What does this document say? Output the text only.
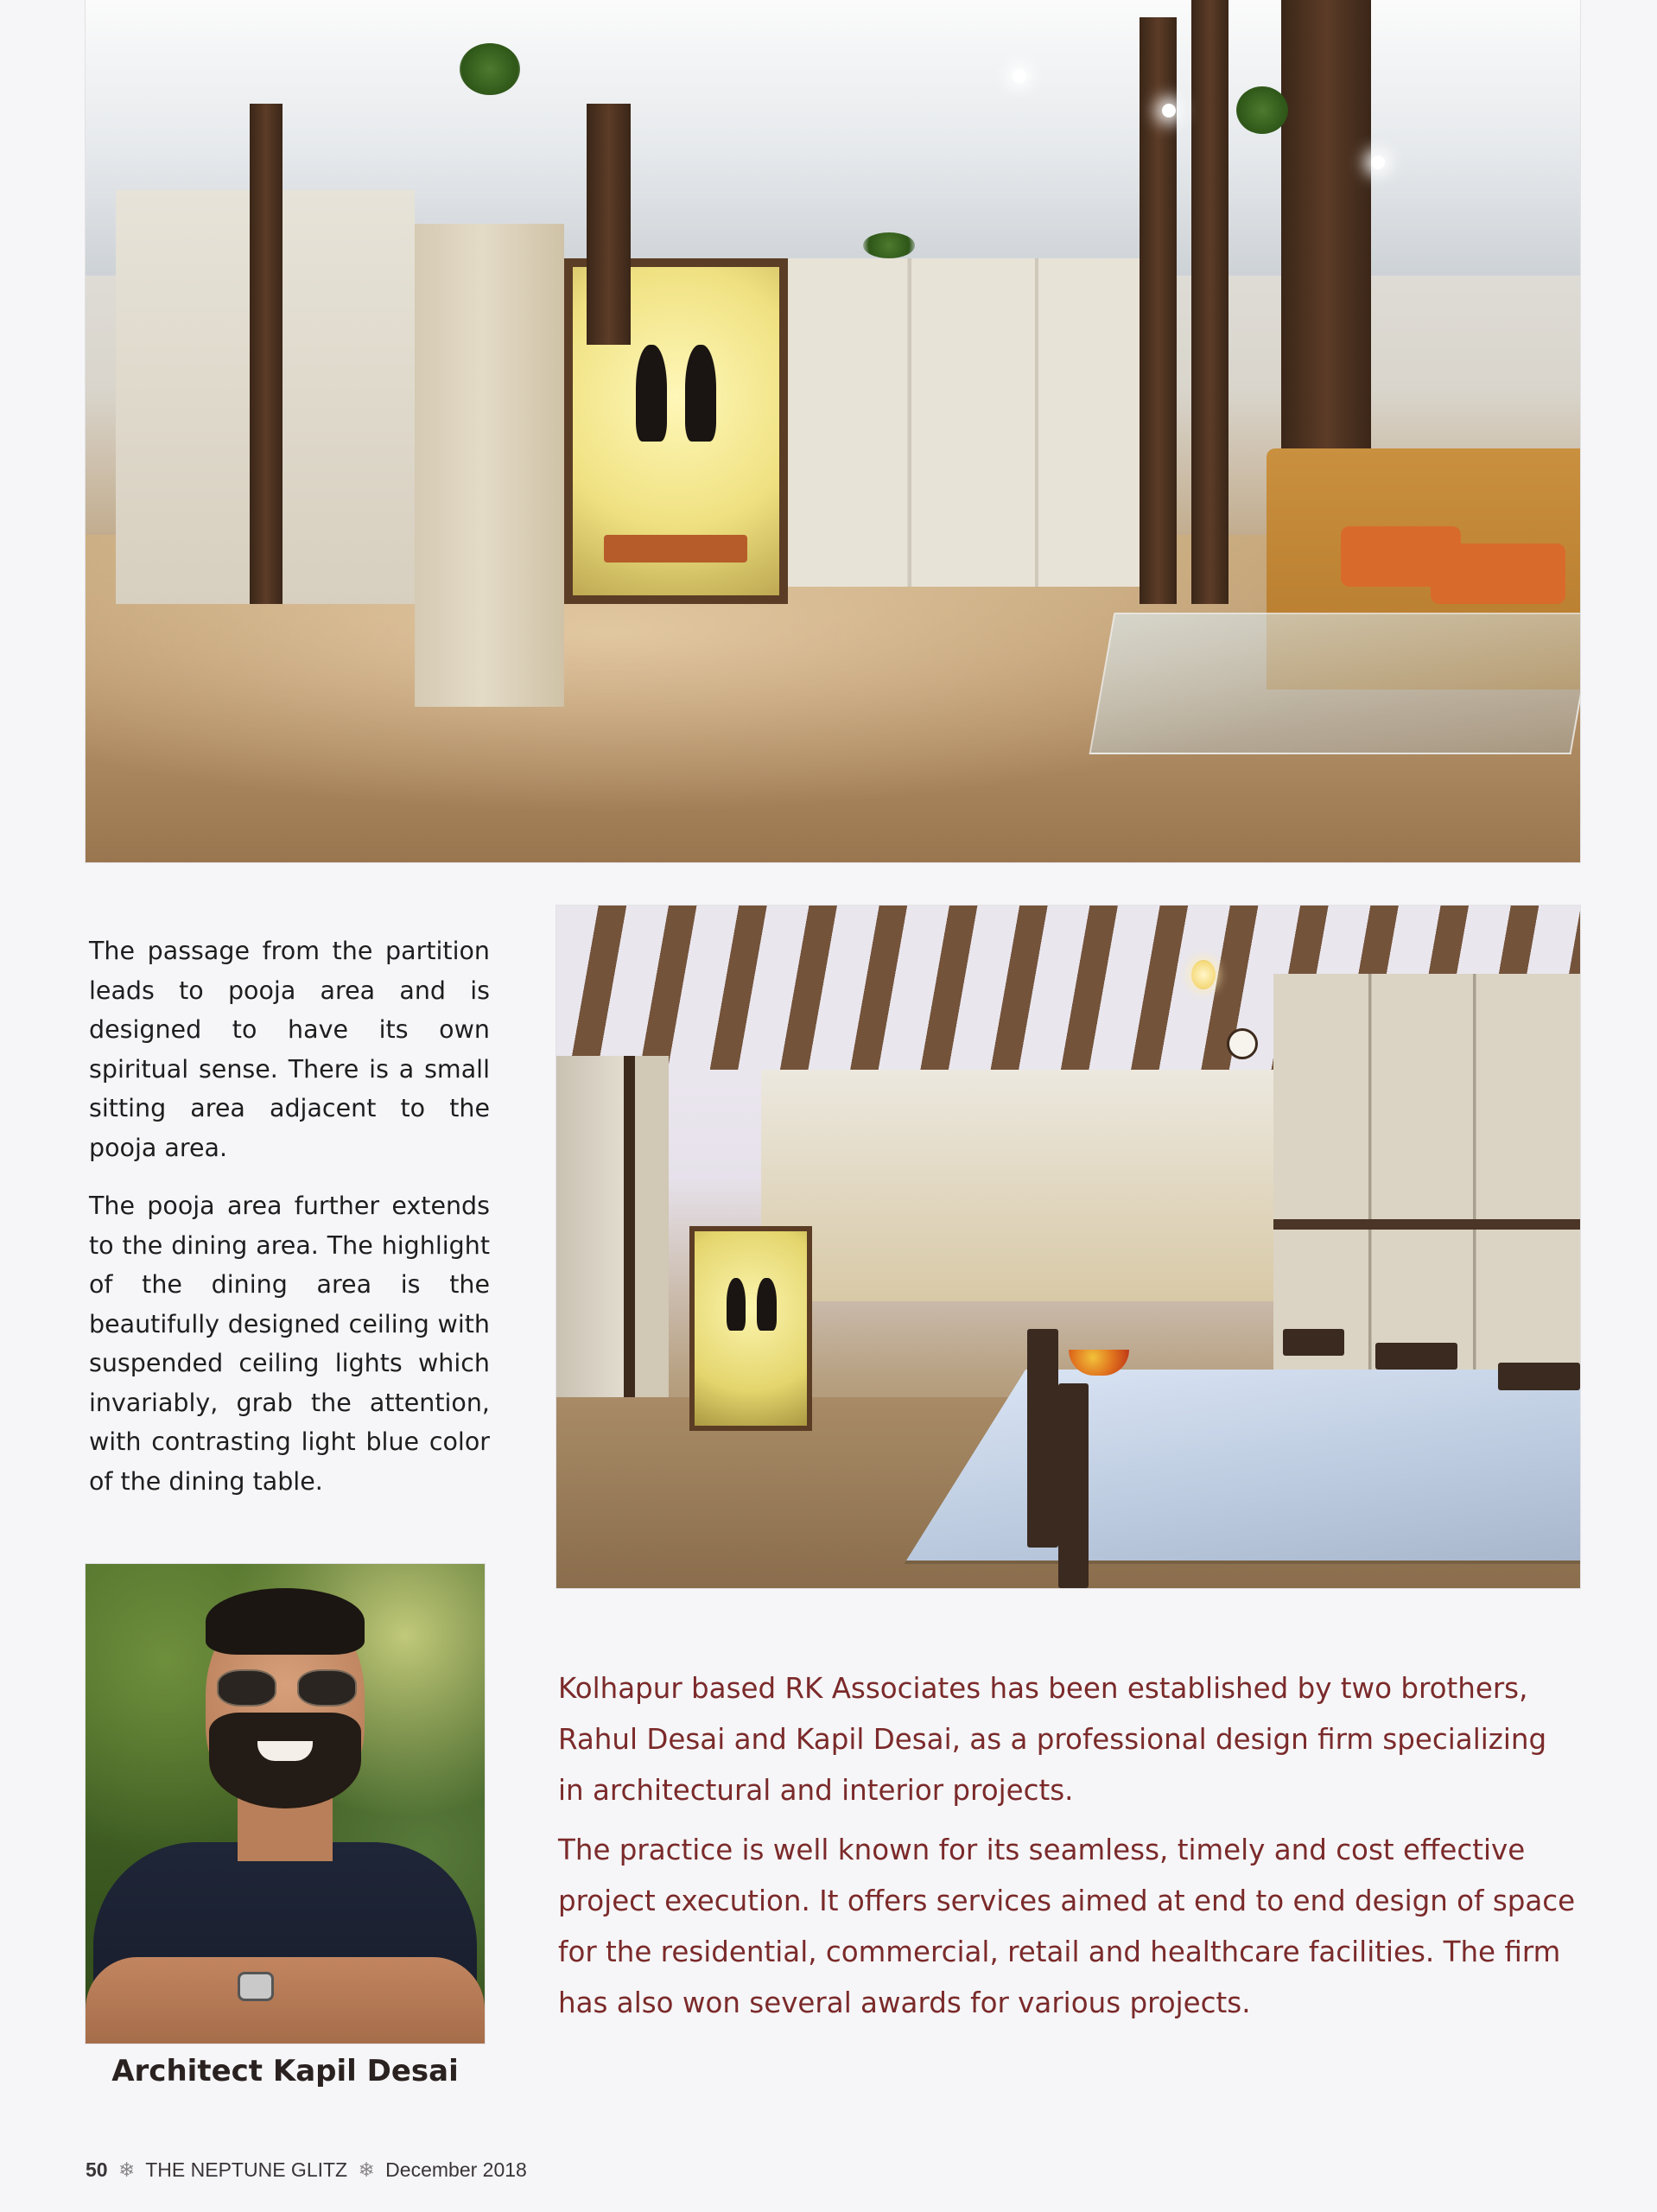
The passage from the partition leads to pooja area and is designed to have its own spiritual sense. There is a small sitting area adjacent to the pooja area.

The pooja area further extends to the dining area. The highlight of the dining area is the beautifully designed ceiling with suspended ceiling lights which invariably, grab the attention, with contrasting light blue color of the dining table.

Architect Kapil Desai

Kolhapur based RK Associates has been established by two brothers, Rahul Desai and Kapil Desai, as a professional design firm specializing in architectural and interior projects.

The practice is well known for its seamless, timely and cost effective project execution. It offers services aimed at end to end design of space for the residential, commercial, retail and healthcare facilities. The firm has also won several awards for various projects.

50 ❄ THE NEPTUNE GLITZ ❄ December 2018
